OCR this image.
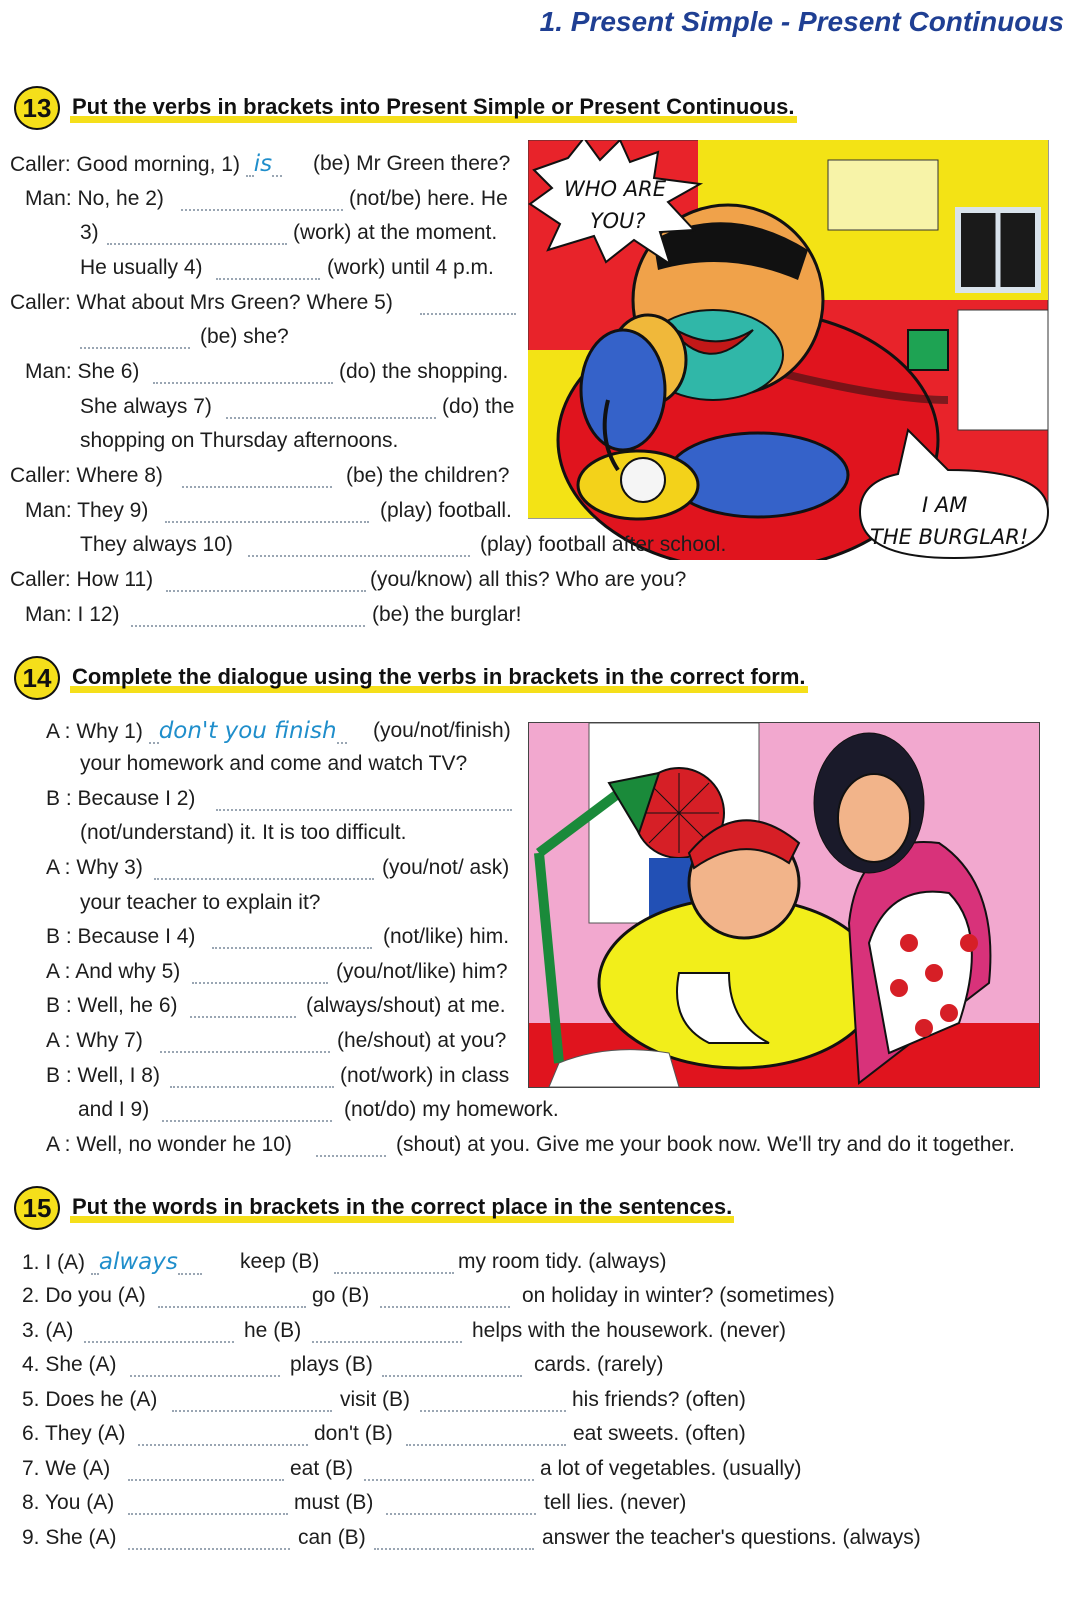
1. Present Simple - Present Continuous
13 Put the verbs in brackets into Present Simple or Present Continuous.
WHO ARE
YOU?
I AM
THE BURGLAR!
Caller: Good morning, 1) is (be) Mr Green there?
Man: No, he 2)	(not/be) here. He
3)	(work) at the moment.
He usually 4)	(work) until 4 p.m.
Caller: What about Mrs Green? Where 5)
(be) she?
Man: She 6)	(do) the shopping.
She always 7)	(do) the
shopping on Thursday afternoons.
Caller: Where 8)	(be) the children?
Man: They 9)	(play) football.
They always 10)	(play) football after school.
Caller: How 11)	(you/know) all this? Who are you?
Man: I 12)	(be) the burglar!
14 Complete the dialogue using the verbs in brackets in the correct form.
A : Why 1) don't you finish (you/not/finish)
your homework and come and watch TV?
B : Because I 2)
(not/understand) it. It is too difficult.
A : Why 3)	(you/not/ ask)
your teacher to explain it?
B : Because I 4)	(not/like) him.
A : And why 5)	(you/not/like) him?
B : Well, he 6)	(always/shout) at me.
A : Why 7)	(he/shout) at you?
B : Well, I 8)	(not/work) in class
and I 9)	(not/do) my homework.
A : Well, no wonder he 10)	(shout) at you. Give me your book now. We'll try and do it together.
15 Put the words in brackets in the correct place in the sentences.
1. I (A) always	keep (B)	my room tidy. (always)
2. Do you (A)	go (B)	on holiday in winter? (sometimes)
3. (A)	he (B)	helps with the housework. (never)
4. She (A)	plays (B)	cards. (rarely)
5. Does he (A)	visit (B)	his friends? (often)
6. They (A)	don't (B)	eat sweets. (often)
7. We (A)	eat (B)	a lot of vegetables. (usually)
8. You (A)	must (B)	tell lies. (never)
9. She (A)	can (B)	answer the teacher's questions. (always)
